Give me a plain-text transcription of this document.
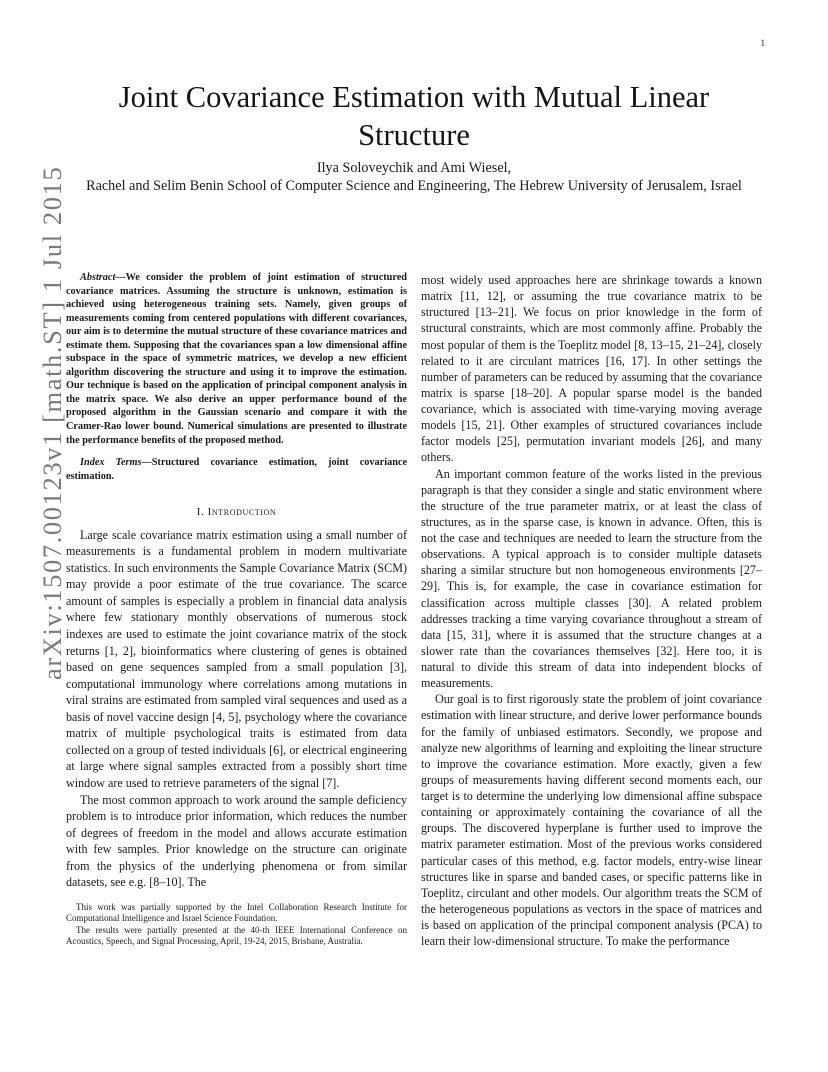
1
arXiv:1507.00123v1 [math.ST] 1 Jul 2015
Joint Covariance Estimation with Mutual Linear Structure
Ilya Soloveychik and Ami Wiesel,
Rachel and Selim Benin School of Computer Science and Engineering, The Hebrew University of Jerusalem, Israel

Abstract—We consider the problem of joint estimation of structured covariance matrices. Assuming the structure is unknown, estimation is achieved using heterogeneous training sets. Namely, given groups of measurements coming from centered populations with different covariances, our aim is to determine the mutual structure of these covariance matrices and estimate them. Supposing that the covariances span a low dimensional affine subspace in the space of symmetric matrices, we develop a new efficient algorithm discovering the structure and using it to improve the estimation. Our technique is based on the application of principal component analysis in the matrix space. We also derive an upper performance bound of the proposed algorithm in the Gaussian scenario and compare it with the Cramer-Rao lower bound. Numerical simulations are presented to illustrate the performance benefits of the proposed method.

Index Terms—Structured covariance estimation, joint covariance estimation.

I. Introduction

Large scale covariance matrix estimation using a small number of measurements is a fundamental problem in modern multivariate statistics. In such environments the Sample Covariance Matrix (SCM) may provide a poor estimate of the true covariance. The scarce amount of samples is especially a problem in financial data analysis where few stationary monthly observations of numerous stock indexes are used to estimate the joint covariance matrix of the stock returns [1, 2], bioinformatics where clustering of genes is obtained based on gene sequences sampled from a small population [3], computational immunology where correlations among mutations in viral strains are estimated from sampled viral sequences and used as a basis of novel vaccine design [4, 5], psychology where the covariance matrix of multiple psychological traits is estimated from data collected on a group of tested individuals [6], or electrical engineering at large where signal samples extracted from a possibly short time window are used to retrieve parameters of the signal [7].

The most common approach to work around the sample deficiency problem is to introduce prior information, which reduces the number of degrees of freedom in the model and allows accurate estimation with few samples. Prior knowledge on the structure can originate from the physics of the underlying phenomena or from similar datasets, see e.g. [8–10]. The

This work was partially supported by the Intel Collaboration Research Institute for Computational Intelligence and Israel Science Foundation.

The results were partially presented at the 40-th IEEE International Conference on Acoustics, Speech, and Signal Processing, April, 19-24, 2015, Brisbane, Australia.

most widely used approaches here are shrinkage towards a known matrix [11, 12], or assuming the true covariance matrix to be structured [13–21]. We focus on prior knowledge in the form of structural constraints, which are most commonly affine. Probably the most popular of them is the Toeplitz model [8, 13–15, 21–24], closely related to it are circulant matrices [16, 17]. In other settings the number of parameters can be reduced by assuming that the covariance matrix is sparse [18–20]. A popular sparse model is the banded covariance, which is associated with time-varying moving average models [15, 21]. Other examples of structured covariances include factor models [25], permutation invariant models [26], and many others.

An important common feature of the works listed in the previous paragraph is that they consider a single and static environment where the structure of the true parameter matrix, or at least the class of structures, as in the sparse case, is known in advance. Often, this is not the case and techniques are needed to learn the structure from the observations. A typical approach is to consider multiple datasets sharing a similar structure but non homogeneous environments [27–29]. This is, for example, the case in covariance estimation for classification across multiple classes [30]. A related problem addresses tracking a time varying covariance throughout a stream of data [15, 31], where it is assumed that the structure changes at a slower rate than the covariances themselves [32]. Here too, it is natural to divide this stream of data into independent blocks of measurements.

Our goal is to first rigorously state the problem of joint covariance estimation with linear structure, and derive lower performance bounds for the family of unbiased estimators. Secondly, we propose and analyze new algorithms of learning and exploiting the linear structure to improve the covariance estimation. More exactly, given a few groups of measurements having different second moments each, our target is to determine the underlying low dimensional affine subspace containing or approximately containing the covariance of all the groups. The discovered hyperplane is further used to improve the matrix parameter estimation. Most of the previous works considered particular cases of this method, e.g. factor models, entry-wise linear structures like in sparse and banded cases, or specific patterns like in Toeplitz, circulant and other models. Our algorithm treats the SCM of the heterogeneous populations as vectors in the space of matrices and is based on application of the principal component analysis (PCA) to learn their low-dimensional structure. To make the performance
